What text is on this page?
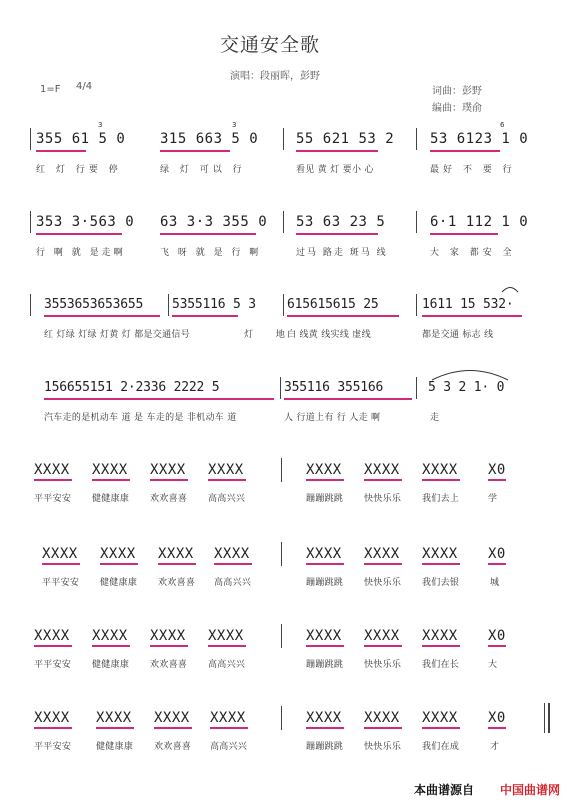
交通安全歌
演唱：段丽晖，彭野
1=F 4/4	词曲：彭野
编曲：璞俞
355 61 5 0
3
315 663 5 0
3
55 621 53 2	53 6123 1 0
6
红 灯 行要 停	绿 灯 可以 行	看见 黄 灯 要小 心	最好 不 要 行
353 3·563 0 63 3·3 355 0 53 63 23 5	6·1 112 1 0
行 啊 就 是走啊	飞 呀 就 是 行 啊	过马 路走 斑马 线	大 家 都安 全
3553653653655 5355116 5 3 615615615 25	1611 15 532·
红 灯绿 灯绿 灯黄 灯 都是交通信号	灯 地
白 线黄 线实线 虚线	都是交通 标志 线
156655151 2·2336 2222 5	355116 355166	5 3 2 1· 0
汽车走的是机动车 道 是 车走的是 非机动车 道	人 行道上有 行 人走 啊	走
XXXX XXXX XXXX XXXX	XXXX XXXX XXXX X0
平平安安 健健康康 欢欢喜喜 高高兴兴	蹦蹦跳跳 快快乐乐 我们去上	学
XXXX XXXX XXXX XXXX	XXXX XXXX XXXX X0
平平安安 健健康康 欢欢喜喜 高高兴兴	蹦蹦跳跳 快快乐乐 我们去银	城
XXXX XXXX XXXX XXXX	XXXX XXXX XXXX X0
平平安安 健健康康 欢欢喜喜 高高兴兴	蹦蹦跳跳 快快乐乐 我们在长	大
XXXX XXXX XXXX XXXX	XXXX XXXX XXXX X0
平平安安	健健康康 欢欢喜喜 高高兴兴	蹦蹦跳跳 快快乐乐 我们在成	才
本曲谱源自 中国曲谱网
